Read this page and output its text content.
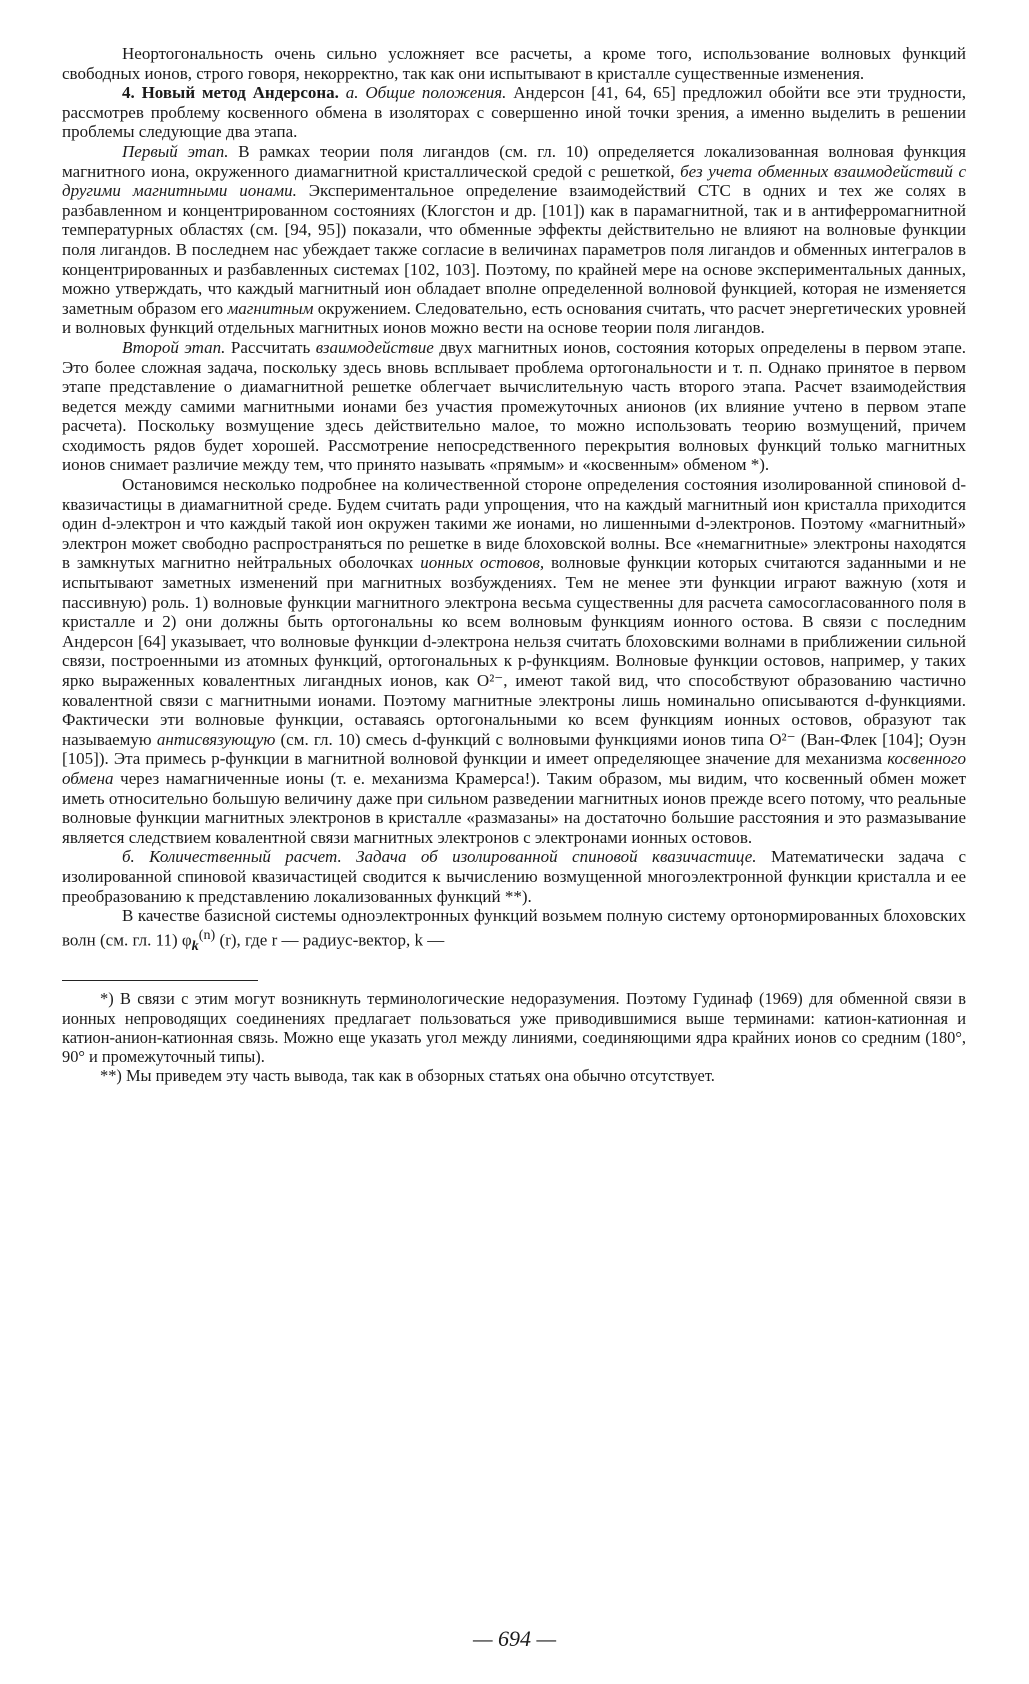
Неортогональность очень сильно усложняет все расчеты, а кроме того, использование волновых функций свободных ионов, строго говоря, некорректно, так как они испытывают в кристалле существенные изменения.

4. Новый метод Андерсона. а. Общие положения. Андерсон [41, 64, 65] предложил обойти все эти трудности, рассмотрев проблему косвенного обмена в изоляторах с совершенно иной точки зрения, а именно выделить в решении проблемы следующие два этапа.

Первый этап. В рамках теории поля лигандов (см. гл. 10) определяется локализованная волновая функция магнитного иона, окруженного диамагнитной кристаллической средой с решеткой, без учета обменных взаимодействий с другими магнитными ионами. Экспериментальное определение взаимодействий СТС в одних и тех же солях в разбавленном и концентрированном состояниях (Клогстон и др. [101]) как в парамагнитной, так и в антиферромагнитной температурных областях (см. [94, 95]) показали, что обменные эффекты действительно не влияют на волновые функции поля лигандов. В последнем нас убеждает также согласие в величинах параметров поля лигандов и обменных интегралов в концентрированных и разбавленных системах [102, 103]. Поэтому, по крайней мере на основе экспериментальных данных, можно утверждать, что каждый магнитный ион обладает вполне определенной волновой функцией, которая не изменяется заметным образом его магнитным окружением. Следовательно, есть основания считать, что расчет энергетических уровней и волновых функций отдельных магнитных ионов можно вести на основе теории поля лигандов.

Второй этап. Рассчитать взаимодействие двух магнитных ионов, состояния которых определены в первом этапе. Это более сложная задача, поскольку здесь вновь всплывает проблема ортогональности и т. п. Однако принятое в первом этапе представление о диамагнитной решетке облегчает вычислительную часть второго этапа. Расчет взаимодействия ведется между самими магнитными ионами без участия промежуточных анионов (их влияние учтено в первом этапе расчета). Поскольку возмущение здесь действительно малое, то можно использовать теорию возмущений, причем сходимость рядов будет хорошей. Рассмотрение непосредственного перекрытия волновых функций только магнитных ионов снимает различие между тем, что принято называть «прямым» и «косвенным» обменом *).

Остановимся несколько подробнее на количественной стороне определения состояния изолированной спиновой d-квазичастицы в диамагнитной среде. Будем считать ради упрощения, что на каждый магнитный ион кристалла приходится один d-электрон и что каждый такой ион окружен такими же ионами, но лишенными d-электронов. Поэтому «магнитный» электрон может свободно распространяться по решетке в виде блоховской волны. Все «немагнитные» электроны находятся в замкнутых магнитно нейтральных оболочках ионных остовов, волновые функции которых считаются заданными и не испытывают заметных изменений при магнитных возбуждениях. Тем не менее эти функции играют важную (хотя и пассивную) роль. 1) волновые функции магнитного электрона весьма существенны для расчета самосогласованного поля в кристалле и 2) они должны быть ортогональны ко всем волновым функциям ионного остова. В связи с последним Андерсон [64] указывает, что волновые функции d-электрона нельзя считать блоховскими волнами в приближении сильной связи, построенными из атомных функций, ортогональных к p-функциям. Волновые функции остовов, например, у таких ярко выраженных ковалентных лигандных ионов, как O²⁻, имеют такой вид, что способствуют образованию частично ковалентной связи с магнитными ионами. Поэтому магнитные электроны лишь номинально описываются d-функциями. Фактически эти волновые функции, оставаясь ортогональными ко всем функциям ионных остовов, образуют так называемую антисвязующую (см. гл. 10) смесь d-функций с волновыми функциями ионов типа O²⁻ (Ван-Флек [104]; Оуэн [105]). Эта примесь p-функции в магнитной волновой функции и имеет определяющее значение для механизма косвенного обмена через намагниченные ионы (т. е. механизма Крамерса!). Таким образом, мы видим, что косвенный обмен может иметь относительно большую величину даже при сильном разведении магнитных ионов прежде всего потому, что реальные волновые функции магнитных электронов в кристалле «размазаны» на достаточно большие расстояния и это размазывание является следствием ковалентной связи магнитных электронов с электронами ионных остовов.

б. Количественный расчет. Задача об изолированной спиновой квазичастице. Математически задача с изолированной спиновой квазичастицей сводится к вычислению возмущенной многоэлектронной функции кристалла и ее преобразованию к представлению локализованных функций **).

В качестве базисной системы одноэлектронных функций возьмем полную систему ортонормированных блоховских волн (см. гл. 11) $\varphi_k^{(n)}$ (r), где r — радиус-вектор, k —

*) В связи с этим могут возникнуть терминологические недоразумения. Поэтому Гудинаф (1969) для обменной связи в ионных непроводящих соединениях предлагает пользоваться уже приводившимися выше терминами: катион-катионная и катион-анион-катионная связь. Можно еще указать угол между линиями, соединяющими ядра крайних ионов со средним (180°, 90° и промежуточный типы).

**) Мы приведем эту часть вывода, так как в обзорных статьях она обычно отсутствует.

— 694 —
